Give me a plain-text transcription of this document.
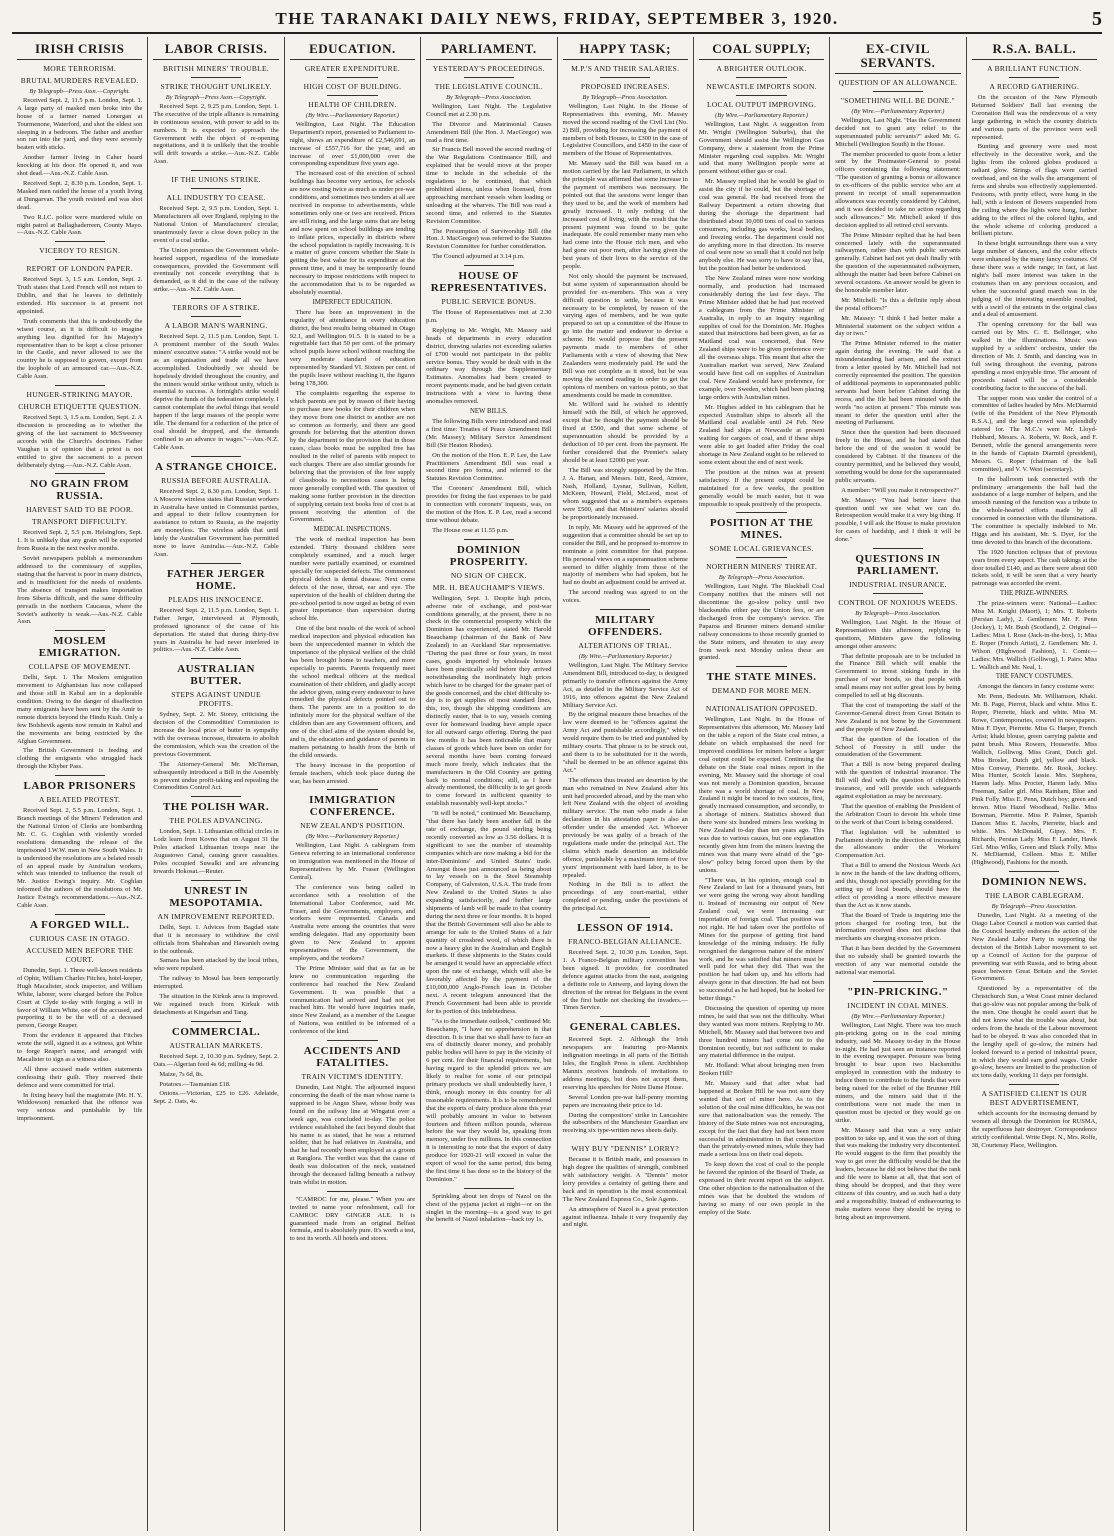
THE TARANAKI DAILY NEWS, FRIDAY, SEPTEMBER 3, 1920.	5
IRISH CRISIS
MORE TERRORISM.
BRUTAL MURDERS REVEALED.
By Telegraph—Press Assn.—Copyright.

Received Sept. 2, 11.5 p.m. London, Sept. 1. A large party of masked men broke into the house of a farmer named Lonergan at Tourmenone, Waterford, and shot the eldest son sleeping in a bedroom. The father and another son ran into the yard, and they were severely beaten with sticks.

Another farmer living in Caher heard knocking at his door. He opened it, and was shot dead.—Aus.-N.Z. Cable Assn.

Received Sept. 2, 8.30 p.m. London, Sept. 1. Masked men raided the house of a youth living at Dungarvan. The youth resisted and was shot dead.

Two R.I.C. police were murdered while on night patrol at Ballaghaderreen, County Mayo.—Aus.-N.Z. Cable Assn.

VICEROY TO RESIGN.
REPORT OF LONDON PAPER.

Received Sept. 3, 1.5 a.m. London, Sept. 2. Truth states that Lord French will not return to Dublin, and that he leaves to definitely extended. His successor is at present not appointed.

Truth comments that this is undoubtedly the wisest course, as it is difficult to imagine anything less dignified for his Majesty's representative than to be kept a close prisoner in the Castle, and never allowed to see the country he is supposed to govern, except from the loophole of an armoured car.—Aus.-N.Z. Cable Assn.

HUNGER-STRIKING MAYOR.
CHURCH ETIQUETTE QUESTION.

Received Sept. 3, 1.5 a.m. London, Sept. 2. A discussion is proceeding as to whether the giving of the last sacrament to McSweeney accords with the Church's doctrines. Father Vaughan is of opinion that a priest is not entitled to give the sacrament to a person deliberately dying.—Aus.-N.Z. Cable Assn.

NO GRAIN FROM RUSSIA.
HARVEST SAID TO BE POOR.
TRANSPORT DIFFICULTY.

Received Sept. 2, 5.5 p.m. Helsingfors, Sept. 1. It is unlikely that any grain will be exported from Russia in the next twelve months.

Soviet newspapers publish a memorandum addressed to the commissary of supplies, stating that the harvest is poor in many districts, and is insufficient for the needs of residents. The absence of transport makes importation from Siberia difficult, and the same difficulty prevails in the northern Caucasus, where the Soviet's authority is weak.—Aus.-N.Z. Cable Assn.

MOSLEM EMIGRATION.
COLLAPSE OF MOVEMENT.

Delhi, Sept. 1. The Moslem emigration movement to Afghanistan has now collapsed and those still in Kabul are in a deplorable condition. Owing to the danger of disaffection many emigrants have been sent by the Amir to remote districts beyond the Hindu Kush. Only a few Bolshevik agents now remain in Kabul and the movements are being restricted by the Afghan Government.

The British Government is feeding and clothing the emigrants who struggled back through the Khyber Pass.

LABOR PRISONERS
A BELATED PROTEST.

Received Sept. 2, 5.5 p.m. London, Sept. 1. Branch meetings of the Miners' Federation and the National Union of Clerks are bombarding Mr. C. G. Coghlan with violently worded resolutions demanding the release of the imprisoned I.W.W. men in New South Wales. It is understood the resolutions are a belated result of an appeal made by Australian workers, which was intended to influence the result of Mr. Justice Ewing's inquiry. Mr. Coghlan informed the authors of the resolutions of Mr. Justice Ewing's recommendations.—Aus.-N.Z. Cable Assn.

A FORGED WILL.
CURIOUS CASE IN OTAGO.
ACCUSED MEN BEFORE THE COURT.

Dunedin, Sept. 1. Three well-known residents of Ophir, William Charles Fitches, hotel-keeper, Hugh Macalister, stock inspector, and William White, laborer, were charged before the Police Court at Clyde to-day with forging a will in favor of William White, one of the accused, and purporting it to be the will of a deceased person, George Reaper.

From the evidence it appeared that Fitches wrote the will, signed it as a witness, got White to forge Reaper's name, and arranged with Macalister to sign as a witness also.

All three accused made written statements confessing their guilt. They reserved their defence and were committed for trial.

In fixing heavy bail the magistrate (Mr. H. Y. Widdowson) remarked that the offence was very serious and punishable by life imprisonment.

LABOR CRISIS.
BRITISH MINERS' TROUBLE.
STRIKE THOUGHT UNLIKELY.
By Telegraph—Press Assn.—Copyright.

Received Sept. 2, 9.25 p.m. London, Sept. 1. The executive of the triple alliance is remaining in continuous session, with power to add to its numbers. It is expected to approach the Government with the object of re-opening negotiations, and it is unlikely that the trouble will drift towards a strike.—Aus.-N.Z. Cable Assn.

IF THE UNIONS STRIKE.
ALL INDUSTRY TO CEASE.

Received Sept. 2, 9.5 p.m. London, Sept. 1. Manufacturers all over England, replying to the National Union of Manufacturers' circular, unanimously favor a close down policy in the event of a coal strike.

The Union promises the Government whole-hearted support, regardless of the immediate consequences, provided the Government will eventually not concede everything that is demanded, as it did in the case of the railway strike.—Aus.-N.Z. Cable Assn.

TERRORS OF A STRIKE.
A LABOR MAN'S WARNING.

Received Sept. 2, 11.5 p.m. London, Sept. 1. A prominent member of the South Wales miners' executive states: "A strike would not be as an organisation and trade all we have accomplished. Undoubtedly we should be hopelessly divided throughout the country, and the miners would strike without unity, which is essential to success. A fortnight's strike would deprive the funds of the federation completely. I cannot contemplate the awful things that would happen if the large masses of the people were idle. The demand for a reduction of the price of coal should be dropped, and the demands confined to an advance in wages."—Aus.-N.Z. Cable Assn.

A STRANGE CHOICE.
RUSSIA BEFORE AUSTRALIA.

Received Sept. 2, 8.30 p.m. London, Sept. 1. A Moscow wireless states that Russian workers in Australia have united in Communist parties, and appeal to their fellow countrymen for assistance to return to Russia, as the majority are moneyless. The wireless adds that until lately the Australian Government has permitted none to leave Australia.—Aus.-N.Z. Cable Assn.

FATHER JERGER HOME.
PLEADS HIS INNOCENCE.

Received Sept. 2, 11.5 p.m. London, Sept. 1. Father Jerger, interviewed at Plymouth, professed ignorance of the cause of his deportation. He stated that during thirty-five years in Australia he had never interfered in politics.—Aus.-N.Z. Cable Assn.

AUSTRALIAN BUTTER.
STEPS AGAINST UNDUE PROFITS.

Sydney, Sept. 2. Mr. Storey, criticising the decision of the Commodities' Commission to increase the local price of butter in sympathy with the overseas increase, threatens to abolish the commission, which was the creation of the previous Government.

The Attorney-General Mr. McTiernan, subsequently introduced a Bill in the Assembly to prevent undue profit-taking and repealing the Commodities Control Act.

THE POLISH WAR.
THE POLES ADVANCING.

London, Sept. 1. Lithuanian official circles in Lodz learn from Kovno that on August 31 the Poles attacked Lithuanian troops near the Augustowo Canal, causing grave casualties. Poles occupied Suwalki and are advancing towards Hokosat.—Reuter.

UNREST IN MESOPOTAMIA.
AN IMPROVEMENT REPORTED.

Delhi, Sept. 1. Advices from Bagdad state that it is necessary to withdraw the civil officials from Shahraban and Hawanieh owing to the outbreak.

Samara has been attacked by the local tribes, who were repulsed.

The railway to Mosul has been temporarily interrupted.

The situation in the Kirkuk area is improved. We regained touch from Kirkuk with detachments at Kingarban and Tang.

COMMERCIAL.
AUSTRALIAN MARKETS.

Received Sept. 2, 10.30 p.m. Sydney, Sept. 2. Oats.—Algerian feed 4s 6d; milling 4s 9d.

Maize, 7s 6d, 8s.

Potatoes.—Tasmanian £18.

Onions.—Victorian, £25 to £26. Adelaide, Sept. 2. Oats, 4s.

EDUCATION.
GREATER EXPENDITURE.
HIGH COST OF BUILDING.
HEALTH OF CHILDREN.
(By Wire.—Parliamentary Reporter.)

Wellington, Last Night. The Education Department's report, presented to Parliament to-night, shows an expenditure of £2,546,691, an increase of £557,716 for the year, and an increase of over £1,000,000 over the corresponding expenditure five years ago.

The increased cost of the erection of school buildings has become very serious, for schools are now costing twice as much as under pre-war conditions, and sometimes two tenders at all are received in response to advertisements, while sometimes only one or two are received. Prices are still rising, and the large sums that are being and now spent on school buildings are tending to inflate prices, especially in districts where the school population is rapidly increasing. It is a matter of grave concern whether the State is getting the best value for its expenditure at the present time, and it may be temporarily found necessary to impose restrictions with respect to the accommodation that is to be regarded as absolutely essential.

IMPERFECT EDUCATION.

There has been an improvement in the regularity of attendance in every education district, the best results being obtained in Otago 92.1, and Wellington 91.5. It is stated to be a regrettable fact that 50 per cent. of the primary school pupils leave school without reaching the very moderate standard of education represented by Standard VI. Sixteen per cent. of the pupils leave without reaching it, the figures being 178,300.

The complaints regarding the expense to which parents are put by reason of their having to purchase new books for their children when they move from one district to another are not so common as formerly, and there are good grounds for believing that the attention drawn by the department to the provision that in those cases, class books must be supplied free has resulted in the relief of parents with respect to such charges. There are also similar grounds for believing that the provision of the free supply of classbooks to necessitous cases is being more generally complied with. The question of making some further provision in the direction of supplying certain text books free of cost is at present receiving the attention of the Government.

MEDICAL INSPECTIONS.

The work of medical inspection has been extended. Thirty thousand children were completely examined, and a much larger number were partially examined, or examined specially for suspected defects. The commonest physical defect is dental disease. Next come defects of the nose, throat, ear and eye. The supervision of the health of children during the pre-school period is now urged as being of even greater importance than supervision during school life.

One of the best results of the work of school medical inspection and physical education has been the unprecedented manner in which the importance of the physical welfare of the child has been brought home to teachers, and more especially to parents. Parents frequently meet the school medical officers at the medical examination of their children, and gladly accept the advice given, using every endeavour to have remedied the physical defects pointed out to them. The parents are in a position to do infinitely more for the physical welfare of the children than are any Government officers, and one of the chief aims of the system should be, and is, the education and guidance of parents in matters pertaining to health from the birth of the child onwards.

The heavy increase in the proportion of female teachers, which took place during the war, has been arrested.

IMMIGRATION CONFERENCE.
NEW ZEALAND'S POSITION.
(By Wire.—Parliamentary Reporter.)

Wellington, Last Night. A cablegram from Geneva referring to an international conference on immigration was mentioned in the House of Representatives by Mr. Fraser (Wellington Central).

The conference was being called in accordance with a resolution of the International Labor Conference, said Mr. Fraser, and the Governments, employers, and workers were represented. Canada and Australia were among the countries that were sending delegates. Had any opportunity been given to New Zealand to appoint representatives of the Government, the employers, and the workers?

The Prime Minister said that as far as he knew no communication regarding the conference had reached the New Zealand Government. It was possible that a communication had arrived and had not yet reached him. He would have inquiries made, since New Zealand, as a member of the League of Nations, was entitled to be informed of a conference of the kind.

ACCIDENTS AND FATALITIES.
TRAIN VICTIM'S IDENTITY.

Dunedin, Last Night. The adjourned inquest concerning the death of the man whose name is supposed to be Angus Shaw, whose body was found on the railway line at Wingatui over a week ago, was concluded to-day. The police evidence established the fact beyond doubt that his name is as stated, that he was a returned soldier, that he had relatives in Australia, and that he had recently been employed as a groom at Ranglora. The verdict was that the cause of death was dislocation of the neck, sustained through the deceased falling beneath a railway train whilst in motion.

"CAMROC for me, please." When you are invited to name your refreshment, call for CAMROC DRY GINGER ALE. It is guaranteed made from an original Belfast formula, and is absolutely pure. It's worth a test, to test its worth. All hotels and stores.

PARLIAMENT.
YESTERDAY'S PROCEEDINGS.
THE LEGISLATIVE COUNCIL.
By Telegraph—Press Association.

Wellington, Last Night. The Legislative Council met at 2.30 p.m.

The Divorce and Matrimonial Causes Amendment Bill (the Hon. J. MacGregor) was read a first time.

Sir Francis Bell moved the second reading of the War Regulations Continuance Bill, and explained that he would move at the proper time to include in the schedule of the regulations to be continued, that which prohibited aliens, unless when licensed, from approaching merchant vessels when loading or unloading at the wharves. The Bill was read a second time, and referred to the Statutes Revision Committee.

The Presumption of Survivorship Bill (the Hon. J. MacGregor) was referred to the Statutes Revision Committee for further consideration.

The Council adjourned at 3.14 p.m.

HOUSE OF REPRESENTATIVES.
PUBLIC SERVICE BONUS.

The House of Representatives met at 2.30 p.m.

Replying to Mr. Wright, Mr. Massey said heads of departments in every education district, drawing salaries not exceeding salaries of £700 would not participate in the public service bonus. They would be dealt with in the ordinary way through the Supplementary Estimates. Anomalies had been created to recent payments made, and he had given certain instructions with a view to having these anomalies removed.

NEW BILLS.

The following Bills were introduced and read a first time: Treaties of Peace Amendment Bill (Mr. Massey); Military Service Amendment Bill (Sir Heaton Rhodes).

On the motion of the Hon. E. P. Lee, the Law Practitioners Amendment Bill was read a second time pro forma, and referred to the Statutes Revision Committee.

The Coroners' Amendment Bill, which provides for fixing the fast expenses to be paid in connection with coroners' inquests, was, on the motion of the Hon. E. P. Lee, read a second time without debate.

The House rose at 11.55 p.m.

DOMINION PROSPERITY.
NO SIGN OF CHECK.
MR. H. BEAUCHAMP'S VIEWS.

Wellington, Sept. 1. Despite high prices, adverse rate of exchange, and post-war conditions generally, at the present, there is no check in the commercial prosperity which the Dominion has experienced, stated Mr. Harold Beauchamp (chairman of the Bank of New Zealand) to an Auckland Star representative. "During the past three or four years, in most cases, goods imported by wholesale houses have been practically sold before they arrived notwithstanding the inordinately high prices which have to be charged for the greater part of the goods concerned, and the chief difficulty to-day is to get supplies of most standard lines, this, too, though the shipping conditions are distinctly easier, that is to say, vessels coming over for homeward loading have ample space for all outward cargo offering. During the past few months it has been noticeable that many classes of goods which have been on order for several months have been coming forward much more freely, which indicates that the manufacturers in the Old Country are getting back to normal conditions; still, as I have already mentioned, the difficulty is to get goods to come forward in sufficient quantity to establish reasonably well-kept stocks."

"It will be noted," continued Mr. Beauchamp, "that there has lately been another fall in the rate of exchange, the pound sterling being recently converted as low as 3.56 dollars. It is significant to see the number of steamship companies which are now making a bid for the inter-Dominions' and United States' trade. Amongst those just announced as being about to lay vessels on is the Steel Steamship Company, of Galveston, U.S.A. The trade from New Zealand to the United States is also expanding satisfactorily, and further large shipments of lamb will be made to that country during the next three or four months. It is hoped that the British Government will also be able to arrange for sale to the United States of a fair quantity of crossbred wool, of which there is now a heavy glut in the Australian and English markets. If these shipments to the States could be arranged it would have an appreciable effect upon the rate of exchange, which will also be favorably affected by the payment of the £10,000,000 Anglo-French loan in October next. A recent telegram announced that the French Government had been able to provide for its portion of this indebtedness.

"As to the immediate outlook," continued Mr. Beauchamp, "I have no apprehension in that direction. It is true that we shall have to face an era of distinctly dearer money, and probably public bodies will have to pay in the vicinity of 6 per cent. for their financial requirements, but having regard to the splendid prices we are likely to realise for some of our principal primary products we shall undoubtedly have, I think, enough money in this country for all reasonable requirements. It is to be remembered that the exports of dairy produce alone this year will probably amount in value to between fourteen and fifteen million pounds, whereas before the war they would be, speaking from memory, under five millions. In this connection it is interesting to note that the export of dairy produce for 1920-21 will exceed in value the export of wool for the same period, this being the first time it has done so in the history of the Dominion."

Sprinkling about ten drops of Nazol on the chest of the pyjama jacket at night—or on the singlet in the morning—is a good way to get the benefit of Nazol inhalation—back toy 1s.

HAPPY TASK;
M.P.'S AND THEIR SALARIES.
PROPOSED INCREASES.
By Telegraph—Press Association.

Wellington, Last Night. In the House of Representatives this evening, Mr. Massey moved the second reading of the Civil List (No. 2) Bill, providing for increasing the payment of members of both Houses, to £300 in the case of Legislative Councillors, and £450 in the case of members of the House of Representatives.

Mr. Massey said the Bill was based on a motion carried by the last Parliament, in which the principle was affirmed that some increase in the payment of members was necessary. He pointed out that the sessions were longer than they used to be, and the work of members had greatly increased. It only nothing of the increased cost of living, with the result that the present payment was found to be quite inadequate. He could remember many men who had come into the House rich men, and who had gone out poor men, after having given the best years of their lives to the service of the people.

Not only should the payment be increased, but some system of superannuation should be provided for ex-members. This was a very difficult question to settle, because it was necessary to be completed, by reason of the varying ages of members, and he was quite prepared to set up a committee of the House to go into the matter and endeavor to devise a scheme. He would propose that the present payments made to members of other Parliaments with a view of showing that New Zealanders were moderately paid. He said the Bill was not complete as it stood, but he was moving the second reading in order to get the opinions of members on various points, so that amendments could be made in committee.

Mr. Wilford said he wished to identify himself with the Bill, of which he approved, except that he thought the payment should be fixed at £500, and that some scheme of superannuation should be provided by a deduction of 10 per cent. from the payment. He further considered that the Premier's salary should be at least £2000 per year.

The Bill was strongly supported by the Hon. J. A. Hanan, and Messrs. Isitt, Reed, Atmore, Nash, Holland, Lysnar, Sullivan, Kellett, McKeen, Howard, Field, McLeod, most of whom suggested that as a member's expenses were £500, and that Ministers' salaries should be proportionately increased.

In reply, Mr. Massey said he approved of the suggestion that a committee should be set up to consider the Bill, and he proposed to-morrow to nominate a joint committee for that purpose. His personal views on a superannuation scheme seemed to differ slightly from those of the majority of members who had spoken, but he had no doubt an adjustment could be arrived at.

The second reading was agreed to on the voices.

MILITARY OFFENDERS.
ALTERATIONS OF TRIAL.
(By Wire.—Parliamentary Reporter.)

Wellington, Last Night. The Military Service Amendment Bill, introduced to-day, is designed primarily to transfer offences against the Army Act, as detailed in the Military Service Act of 1916, into offences against the New Zealand Military Service Act.

By the original measure these breaches of the law were deemed to be "offences against the Army Act and punishable accordingly," which would require them to be tried and punished by military courts. That phrase is to be struck out, and there is to be substituted for it the words, "shall be deemed to be an offence against this Act."

The offences thus treated are desertion by the man who remained in New Zealand after his unit had proceeded abroad, and by the man who left New Zealand with the object of avoiding military service. The man who made a false declaration in his attestation paper is also an offender under the amended Act. Whoever previously be was guilty of a breach of the regulations made under the principal Act. The claims which made desertion an indictable offence, punishable by a maximum term of five years' imprisonment with hard labor, is to be repealed.

Nothing in the Bill is to affect the proceedings of any court-martial, either completed or pending, under the provisions of the principal Act.

LESSON OF 1914.
FRANCO-BELGIAN ALLIANCE.

Received Sept. 2, 10.30 p.m. London, Sept. 1. A Franco-Belgian military convention has been signed. It provides for coordinated defence against attacks from the east, assigning a definite role to Antwerp, and laying down the direction of the retreat for Belgians in the event of the first battle not checking the invaders.—Times Service.

GENERAL CABLES.

Received Sept. 2. Although the Irish newspapers are featuring pro-Mannix indignation meetings in all parts of the British Isles, the English Press is silent. Archbishop Mannix receives hundreds of invitations to address meetings, but does not accept them, reserving his speeches for Notre Dame House.

Several London pre-war half-penny morning papers are increasing their price to 1d.

During the compositors' strike in Lancashire the subscribers of the Manchester Guardian are receiving six type-written news sheets daily.

WHY BUY "DENNIS" LORRY?

Because it is British made, and possesses in high degree the qualities of strength, combined with satisfactory weight. A "Dennis" motor lorry provides a certainty of getting there and back and in operation is the most economical. The New Zealand Express Co., Sole Agents.

An atmosphere of Nazol is a great protection against influenza. Inhale it very frequently day and night.

COAL SUPPLY;
A BRIGHTER OUTLOOK.
NEWCASTLE IMPORTS SOON.
LOCAL OUTPUT IMPROVING.
(By Wire.—Parliamentary Reporter.)

Wellington, Last Night. A suggestion from Mr. Wright (Wellington Suburbs), that the Government should assist the Wellington Gas Company, drew a statement from the Prime Minister regarding coal supplies. Mr. Wright said that many Wellington people were at present without either gas or coal.

Mr. Massey replied that he would be glad to assist the city if he could, but the shortage of coal was general. He had received from the Railway Department a return showing that during the shortage the department had distributed about 30,000 tons of coal to various consumers, including gas works, local bodies, and freezing works. The department could not do anything more in that direction. Its reserve of coal were now so small that it could not help anybody else. He was sorry to have to say that, but the position had better be understood.

The New Zealand mines were now working normally, and production had increased considerably during the last few days. The Prime Minister added that he had just received a cablegram from the Prime Minister of Australia, in reply to an inquiry regarding supplies of coal for the Dominion. Mr. Hughes stated that instructions had been given, as far as Maitland coal was concerned, that New Zealand ships were to be given preference over all the overseas ships. This meant that after the Australian market was served, New Zealand would have first call on supplies of Australian coal. New Zealand would have preference, for example, over Sweden, which had been placing large orders with Australian mines.

Mr. Hughes added in his cablegram that he expected Australian ships to absorb all the Maitland coal available until 24 Feb. New Zealand had ships at Newcastle at present waiting for cargoes of coal, and if these ships were able to get loaded after Friday the coal shortage in New Zealand ought to be relieved to some extent about the end of next week.

The position at the mines was at present satisfactory. If the present output could be maintained for a few weeks, the position generally would be much easier, but it was impossible to speak positively of the prospects.

POSITION AT THE MINES.
SOME LOCAL GRIEVANCES.
NORTHERN MINERS' THREAT.
By Telegraph—Press Association.

Wellington, Last Night. The Blackball Coal Company notifies that the miners will not discontinue the go-slow policy until two blacksmiths either pay the Union fees, or are discharged from the company's service. The Paparoa and Brunner miners demand similar railway concessions to those recently granted to the State miners, and threaten to stay away from work next Monday unless these are granted.

THE STATE MINES.
DEMAND FOR MORE MEN.
NATIONALISATION OPPOSED.

Wellington, Last Night. In the House of Representatives this afternoon, Mr. Massey laid on the table a report of the State coal mines, a debate on which emphasised the need for improved conditions for miners before a larger coal output could be expected. Continuing the debate on the State coal mines report in the evening, Mr. Massey said the shortage of coal was not merely a Dominion question, because there was a world shortage of coal. In New Zealand it might be traced to two sources, first, greatly increased consumption, and secondly, to a shortage of miners. Statistics showed that there were six hundred miners less working in New Zealand to-day than ten years ago. This was due to various causes, but one explanation recently given him from the miners leaving the mines was that many were afraid of the "go-slow" policy being forced upon them by the unions.

"There was, in his opinion, enough coal in New Zealand to last for a thousand years, but we were going the wrong way about handling it. Instead of increasing our output of New Zealand coal, we were increasing our importation of foreign coal. That position was not right. He had taken over the portfolio of Mines for the purpose of getting first hand knowledge of the mining industry. He fully recognised the dangerous nature of the miners' work, and he was satisfied that miners must be well paid for what they did. That was the position he had taken up, and his efforts had always gone in that direction. He had not been so successful as he had hoped, but he looked for better things."

Discussing the question of opening up more mines, he said that was not the difficulty. What they wanted was more miners. Replying to Mr. Mitchell, Mr. Massey said that between two and three hundred miners had come out to the Dominion recently, but not sufficient to make any material difference in the output.

Mr. Holland: What about bringing men from Broken Hill?

Mr. Massey said that after what had happened at Broken Hill he was not sure they wanted that sort of miner here. As to the solution of the coal mine difficulties, he was not sure that nationalisation was the remedy. The history of the State mines was not encouraging, except for the fact that they had not been more successful in administration in that connection than the privately-owned mines, while they had made a serious loss on their coal depots.

To keep down the cost of coal to the people he favored the opinion of the Board of Trade, as expressed in their recent report on the subject. One other objection to the nationalisation of the mines was that he doubted the wisdom of having so many of our own people in the employ of the State.

EX-CIVIL SERVANTS.
QUESTION OF AN ALLOWANCE.
"SOMETHING WILL BE DONE."
(By Wire.—Parliamentary Reporter.)

Wellington, Last Night. "Has the Government decided not to grant any relief to the superannuated public servants?" asked Mr. G. Mitchell (Wellington South) in the House.

The member proceeded to quote from a letter sent by the Postmaster-General to postal officers containing the following statement: "The question of granting a bonus or allowance to ex-officers of the public service who are at present in receipt of small superannuation allowances was recently considered by Cabinet, and it was decided to take no action regarding such allowances." Mr. Mitchell asked if this decision applied to all retired civil servants.

The Prime Minister replied that he had been concerned lately with the superannuated railwaymen, rather than with public servants generally. Cabinet had not yet dealt finally with the question of the superannuated railwaymen, although the matter had been before Cabinet on several occasions. An answer would be given to the honorable member later.

Mr. Mitchell: "Is this a definite reply about the postal officers?"

Mr. Massey: "I think I had better make a Ministerial statement on the subject within a day or two."

The Prime Minister referred to the matter again during the evening. He said that a misunderstanding had arisen, and the extract from a letter quoted by Mr. Mitchell had not correctly represented the position. The question of additional payments to superannuated public servants had been before Cabinet during the recess, and the file had been minuted with the words "no action at present." This minute was meant to defer the question until after the meeting of Parliament.

Since then the question had been discussed freely in the House, and he had stated that before the end of the session it would be considered by Cabinet. If the finances of the country permitted, and he believed they would, something would be done for the superannuated public servants.

A member: "Will you make it retrospective?"

Mr. Massey: "You had better leave that question until we see what we can do. Retrospection would make it a very big thing. If possible, I will ask the House to make provision for cases of hardship, and I think it will be done."

QUESTIONS IN PARLIAMENT.
INDUSTRIAL INSURANCE.
CONTROL OF NOXIOUS WEEDS.
By Telegraph—Press Association.

Wellington, Last Night. In the House of Representatives this afternoon, replying to questions, Ministers gave the following amongst other answers:

That definite proposals are to be included in the Finance Bill which will enable the Government to invest sinking funds in the purchase of war bonds, so that people with small means may not suffer great loss by being compelled to sell at big discounts.

That the cost of transporting the staff of the Governor-General direct from Great Britain to New Zealand is not borne by the Government and the people of New Zealand.

That the question of the location of the School of Forestry is still under the consideration of the Government.

That a Bill is now being prepared dealing with the question of industrial insurance. The Bill will deal with the question of children's insurance, and will provide such safeguards against exploitation as may be necessary.

That the question of enabling the President of the Arbitration Court to devote his whole time to the work of that Court is being considered.

That legislation will be submitted to Parliament shortly in the direction of increasing the allowances under the Workers' Compensation Act.

That a Bill to amend the Noxious Weeds Act is now in the hands of the law drafting officers, and this, though not specially providing for the setting up of local boards, should have the effect of providing a more effective measure than the Act as it now stands.

That the Board of Trade is inquiring into the prices charged for roofing iron, but the information received does not disclose that merchants are charging excessive prices.

That it has been decided by the Government that no subsidy shall be granted towards the erection of any war memorial outside the national war memorial.

"PIN-PRICKING."
INCIDENT IN COAL MINES.
(By Wire.—Parliamentary Reporter.)

Wellington, Last Night. There was too much pin-pricking going on in the coal mining industry, said Mr. Massey to-day in the House to-night. He had just seen an instance reported in the evening newspaper. Pressure was being brought to bear upon two blacksmiths employed in connection with the industry to induce them to contribute to the funds that were being raised for the relief of the Brunner Hill miners, and the miners said that if the contributions were not made the men in question must be ejected or they would go on strike.

Mr. Massey said that was a very unfair position to take up, and it was the sort of thing that was making the industry very discontented. He would suggest to the firm that possibly the way to get over the difficulty would be that the leaders, because he did not believe that the rank and file were to blame at all, that that sort of thing should be dropped, and that they were citizens of this country, and as such had a duty and a responsibility. Instead of endeavouring to make matters worse they should be trying to bring about an improvement.

R.S.A. BALL.
A BRILLIANT FUNCTION.
A RECORD GATHERING.

On the occasion of the New Plymouth Returned Soldiers' Ball last evening the Coronation Hall was the rendezvous of a very large gathering, in which the country districts and various parts of the province were well represented.

Bunting and greenery were used most effectively in the decorative work, and the lights from the colored globes produced a radiant glow. Strings of flags were carried overhead, and on the walls the arrangement of ferns and shrubs was effectively supplemented. Festoons, with pretty effect, were hung in the hall, with a festoon of flowers suspended from the ceiling where the lights were hung, further adding to the effect of the colored lights, and the whole scheme of coloring produced a brilliant picture.

In these bright surroundings there was a very large number of dancers, and the color effects were enhanced by the many fancy costumes. Of these there was a wide range; in fact, at last night's ball more interest was taken in the costumes than on any previous occasion, and when the successful grand march was in the judging of the interesting ensemble resulted, with a swirl of the entrants in the original class and a deal of amusement.

The opening ceremony for the ball was carried out by Mrs. C. E. Bellringer, who walked in the illuminations. Music was supplied by a soldiers' orchestra, under the direction of Mr. J. Smith, and dancing was in full swing throughout the evening, patrons spending a most enjoyable time. The amount of proceeds raised will be a considerable contributing factor to the success of the ball.

The supper room was under the control of a committee of ladies headed by Mrs. McDiarmid (wife of the President of the New Plymouth R.S.A.), and the large crowd was splendidly catered for. The M.C.'s were Mr. Lloyd-Hubbard, Messrs. A. Roberts, W. Rock, and F. Bennett, while the general arrangements were in the hands of Captain Diarmid (president), Messrs. G. Roper (chairman of the ball committee), and V. V. West (secretary).

In the ballroom task connected with the preliminary arrangements the ball had the assistance of a large number of helpers, and the smooth running of the function was a tribute to the whole-hearted efforts made by all concerned in connection with the illuminations. The committee is specially indebted to Mr. Higgs and his assistant, Mr. S. Dyer, for the time devoted to this branch of the decorations.

The 1920 function eclipses that of previous years from every aspect. The cash takings at the door totalled £140, and as there were about 600 tickets sold, it will be seen that a very hearty patronage was accorded the event.

THE PRIZE-WINNERS.

The prize-winners were: National—Ladies: Miss M. Knight (Maori), 1; Mrs. T. Roberts (Persian Lady), 2. Gentlemen: Mr. F. Penn (Jockey), 1; Mr. Bush (Scotland), 2. Original—Ladies: Miss I. Rose (Jack-in-the-box), 1; Miss E. Roper (French Artist), 2. Gentlemen: Mr. J. Wilson (Highwood Fashion), 1. Comic—Ladies: Mrs. Wallich (Golliwog), 1. Pairs: Miss L. Wallich and Mr. Neal, 1.

THE FANCY COSTUMES.

Amongst the dancers in fancy costume were:

Mr. Penn, Bedouin. Mr. Williamson, Khaki. Mr. B. Page, Pierrot, black and white. Miss E. Roper, Pierrette, black and white. Miss M. Rowe, Contemporaries, covered in newspapers. Miss F. Dyer, Pierrette. Miss G. Harper, French Artist; khaki blouse, green carrying palette and paint brush. Miss Rowers, Housewife. Miss Wallich, Golliwog. Miss Grant, Dutch girl. Miss Brosler, Dutch girl, yellow and black. Miss Conway, Pierrette. Mr. Rook, Jockey. Miss Hunter, Scotch lassie. Mrs. Stephens, Harem lady. Miss Procter, Harem lady. Miss Freeman, Sailor girl. Miss Rainham, Blue and Pink Folly. Miss E. Penn, Dutch boy; green and brown. Miss Hazel Woodhead, Nellie. Miss Bowman, Pierrette. Miss P. Palmer, Spanish Dancer. Miss E. Jacobs, Pierrette, black and white. Mrs. McDonald, Gipsy. Mrs. F. Richards, Persian Lady. Miss F. Lander, Hawk Girl. Miss Wilks, Green and Black Folly. Miss N. McDiarmid, Colleen. Miss E. Miller (Highwood), Fashions for the month.

DOMINION NEWS.
THE LABOR CABLEGRAM.
By Telegraph—Press Association.

Dunedin, Last Night. At a meeting of the Otago Labor Council a motion was carried that the Council heartily endorses the action of the New Zealand Labor Party in supporting the decision of the British Labor movement to set up a Council of Action for the purpose of preventing war with Russia, and to bring about peace between Great Britain and the Soviet Government.

Questioned by a representative of the Christchurch Sun, a West Coast miner declared that go-slow was not popular among the bulk of the men. One thought he could assert that he did not know what the trouble was about, but orders from the heads of the Labour movement had to be obeyed. It was also conceded that in the lengthy spell of go-slow, the miners had looked forward to a period of industrial peace, in which they would earn good wages. Under go-slow, hewers are limited to the production of six tons daily, working 11 days per fortnight.

A SATISFIED CLIENT IS OUR BEST ADVERTISEMENT,

which accounts for the increasing demand by women all through the Dominion for RUSMA, the superfluous hair destroyer. Correspondence strictly confidential. Write Dept. N., Mrs. Rolfe, 38, Courtenay Place, Wellington.
